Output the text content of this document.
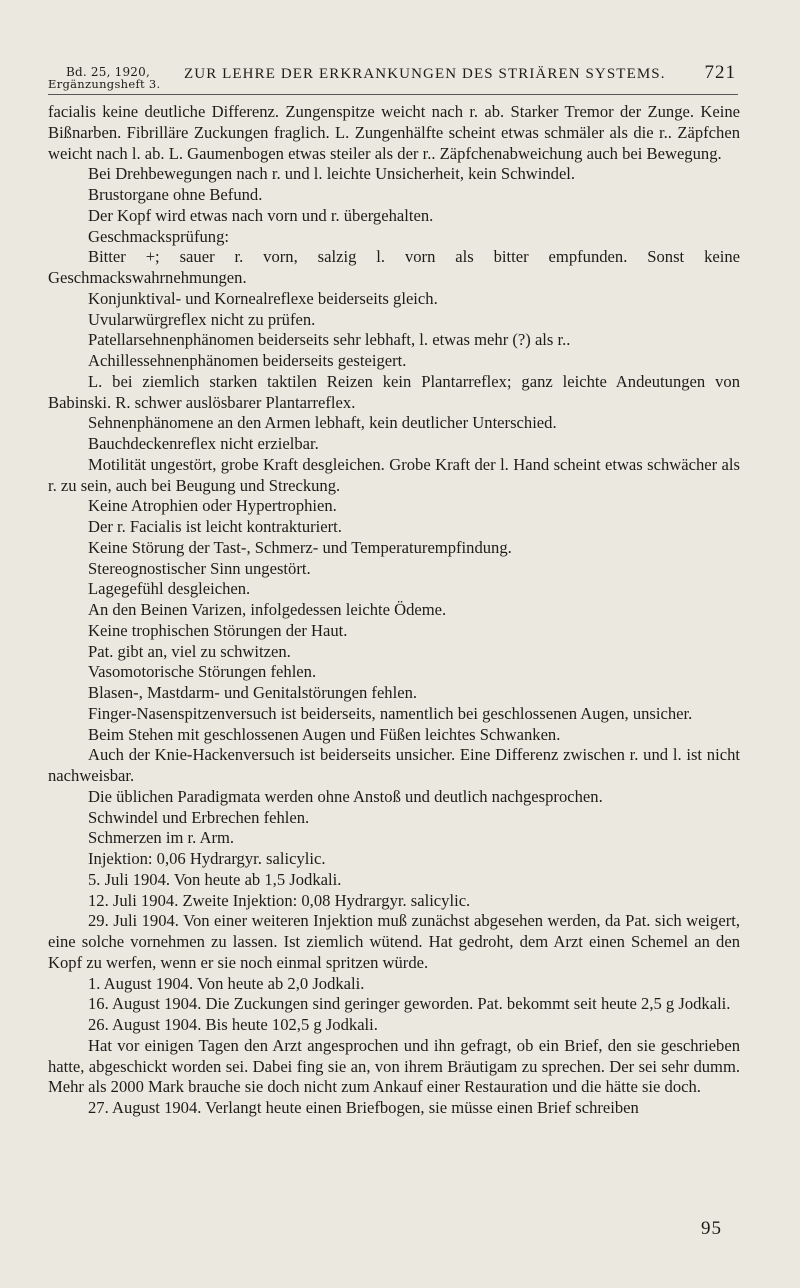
Bd. 25, 1920,
Ergänzungsheft 3.
ZUR LEHRE DER ERKRANKUNGEN DES STRIÄREN SYSTEMS. 721

facialis keine deutliche Differenz. Zungenspitze weicht nach r. ab. Starker Tremor der Zunge. Keine Bißnarben. Fibrilläre Zuckungen fraglich. L. Zungenhälfte scheint etwas schmäler als die r.. Zäpfchen weicht nach l. ab. L. Gaumenbogen etwas steiler als der r.. Zäpfchenabweichung auch bei Bewegung.

Bei Drehbewegungen nach r. und l. leichte Unsicherheit, kein Schwindel.

Brustorgane ohne Befund.

Der Kopf wird etwas nach vorn und r. übergehalten.

Geschmacksprüfung:

Bitter +; sauer r. vorn, salzig l. vorn als bitter empfunden. Sonst keine Geschmackswahrnehmungen.

Konjunktival- und Kornealreflexe beiderseits gleich.

Uvularwürgreflex nicht zu prüfen.

Patellarsehnenphänomen beiderseits sehr lebhaft, l. etwas mehr (?) als r..

Achillessehnenphänomen beiderseits gesteigert.

L. bei ziemlich starken taktilen Reizen kein Plantarreflex; ganz leichte Andeutungen von Babinski. R. schwer auslösbarer Plantarreflex.

Sehnenphänomene an den Armen lebhaft, kein deutlicher Unterschied.

Bauchdeckenreflex nicht erzielbar.

Motilität ungestört, grobe Kraft desgleichen. Grobe Kraft der l. Hand scheint etwas schwächer als r. zu sein, auch bei Beugung und Streckung.

Keine Atrophien oder Hypertrophien.

Der r. Facialis ist leicht kontrakturiert.

Keine Störung der Tast-, Schmerz- und Temperaturempfindung.

Stereognostischer Sinn ungestört.

Lagegefühl desgleichen.

An den Beinen Varizen, infolgedessen leichte Ödeme.

Keine trophischen Störungen der Haut.

Pat. gibt an, viel zu schwitzen.

Vasomotorische Störungen fehlen.

Blasen-, Mastdarm- und Genitalstörungen fehlen.

Finger-Nasenspitzenversuch ist beiderseits, namentlich bei geschlossenen Augen, unsicher.

Beim Stehen mit geschlossenen Augen und Füßen leichtes Schwanken.

Auch der Knie-Hackenversuch ist beiderseits unsicher. Eine Differenz zwischen r. und l. ist nicht nachweisbar.

Die üblichen Paradigmata werden ohne Anstoß und deutlich nachgesprochen.

Schwindel und Erbrechen fehlen.

Schmerzen im r. Arm.

Injektion: 0,06 Hydrargyr. salicylic.

5. Juli 1904. Von heute ab 1,5 Jodkali.

12. Juli 1904. Zweite Injektion: 0,08 Hydrargyr. salicylic.

29. Juli 1904. Von einer weiteren Injektion muß zunächst abgesehen werden, da Pat. sich weigert, eine solche vornehmen zu lassen. Ist ziemlich wütend. Hat gedroht, dem Arzt einen Schemel an den Kopf zu werfen, wenn er sie noch einmal spritzen würde.

1. August 1904. Von heute ab 2,0 Jodkali.

16. August 1904. Die Zuckungen sind geringer geworden. Pat. bekommt seit heute 2,5 g Jodkali.

26. August 1904. Bis heute 102,5 g Jodkali.

Hat vor einigen Tagen den Arzt angesprochen und ihn gefragt, ob ein Brief, den sie geschrieben hatte, abgeschickt worden sei. Dabei fing sie an, von ihrem Bräutigam zu sprechen. Der sei sehr dumm. Mehr als 2000 Mark brauche sie doch nicht zum Ankauf einer Restauration und die hätte sie doch.

27. August 1904. Verlangt heute einen Briefbogen, sie müsse einen Brief schreiben

95
